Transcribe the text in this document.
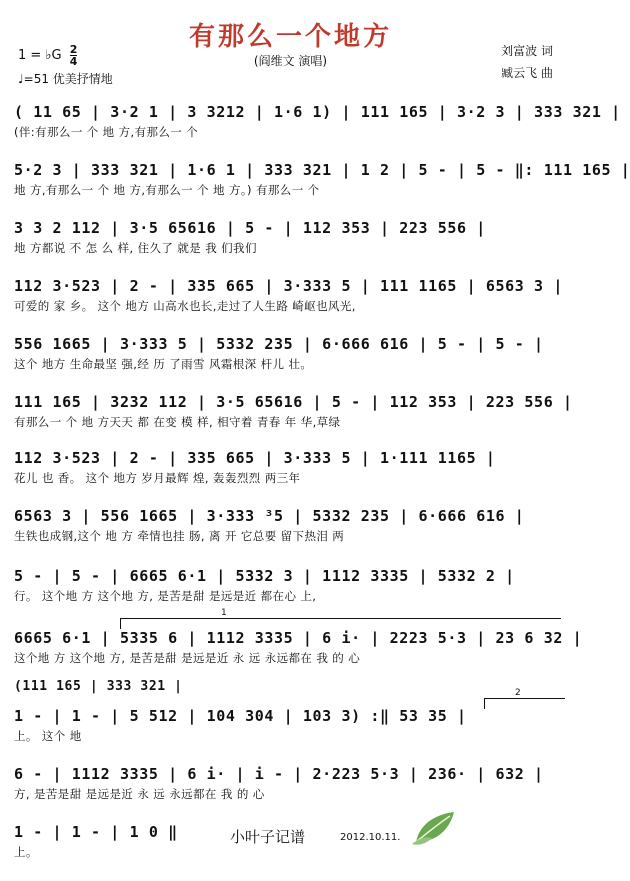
有那么一个地方
(阎维文 演唱)
1 = ♭G $\frac{2}{4}$
♩=51 优美抒情地
刘富波 词
臧云飞 曲
( 11 65 | 3·2 1 | 3 3212 | 1·6 1) | 111 165 | 3·2 3 | 333 321 |
(伴:有那么一 个 地 方,有那么一 个
5·2 3 | 333 321 | 1·6 1 | 333 321 | 1 2 | 5 - | 5 - ‖: 111 165 |
地 方,有那么一 个 地 方,有那么一 个 地 方。) 有那么一 个
3 3 2 112 | 3·5 65616 | 5 - | 112 353 | 223 556 |
地 方都说 不 怎 么 样, 住久了 就是 我 们我们
112 3·523 | 2 - | 335 665 | 3·333 5 | 111 1165 | 6563 3 |
可爱的 家 乡。 这个 地方 山高水也长,走过了人生路 崎岖也风光,
556 1665 | 3·333 5 | 5332 235 | 6·666 616 | 5 - | 5 - |
这个 地方 生命最坚 强,经 历 了雨雪 风霜根深 杆儿 壮。
111 165 | 3232 112 | 3·5 65616 | 5 - | 112 353 | 223 556 |
有那么一 个 地 方天天 都 在变 模 样, 相守着 青春 年 华,草绿
112 3·523 | 2 - | 335 665 | 3·333 5 | 1·111 1165 |
花儿 也 香。 这个 地方 岁月最辉 煌, 轰轰烈烈 两三年
6563 3 | 556 1665 | 3·333 ³5 | 5332 235 | 6·666 616 |
生铁也成钢,这个 地 方 牵情也挂 肠, 离 开 它总要 留下热泪 两
5 - | 5 - | 6665 6·1 | 5332 3 | 1112 3335 | 5332 2 |
行。 这个地 方 这个地 方, 是苦是甜 是远是近 都在心 上,
1
6665 6·1 | 5335 6 | 1112 3335 | 6 i· | 2223 5·3 | 23 6 32 |
这个地 方 这个地 方, 是苦是甜 是远是近 永 远 永远都在 我 的 心
(111 165 | 333 321 |	2
1 - | 1 - | 5 512 | 104 304 | 103 3) :‖ 53 35 |
上。 这个 地
6 - | 1112 3335 | 6 i· | i - | 2·223 5·3 | 236· | 632 |
方, 是苦是甜 是远是近 永 远 永远都在 我 的 心
1 - | 1 - | 1 0 ‖
上。
小叶子记谱	2012.10.11.
